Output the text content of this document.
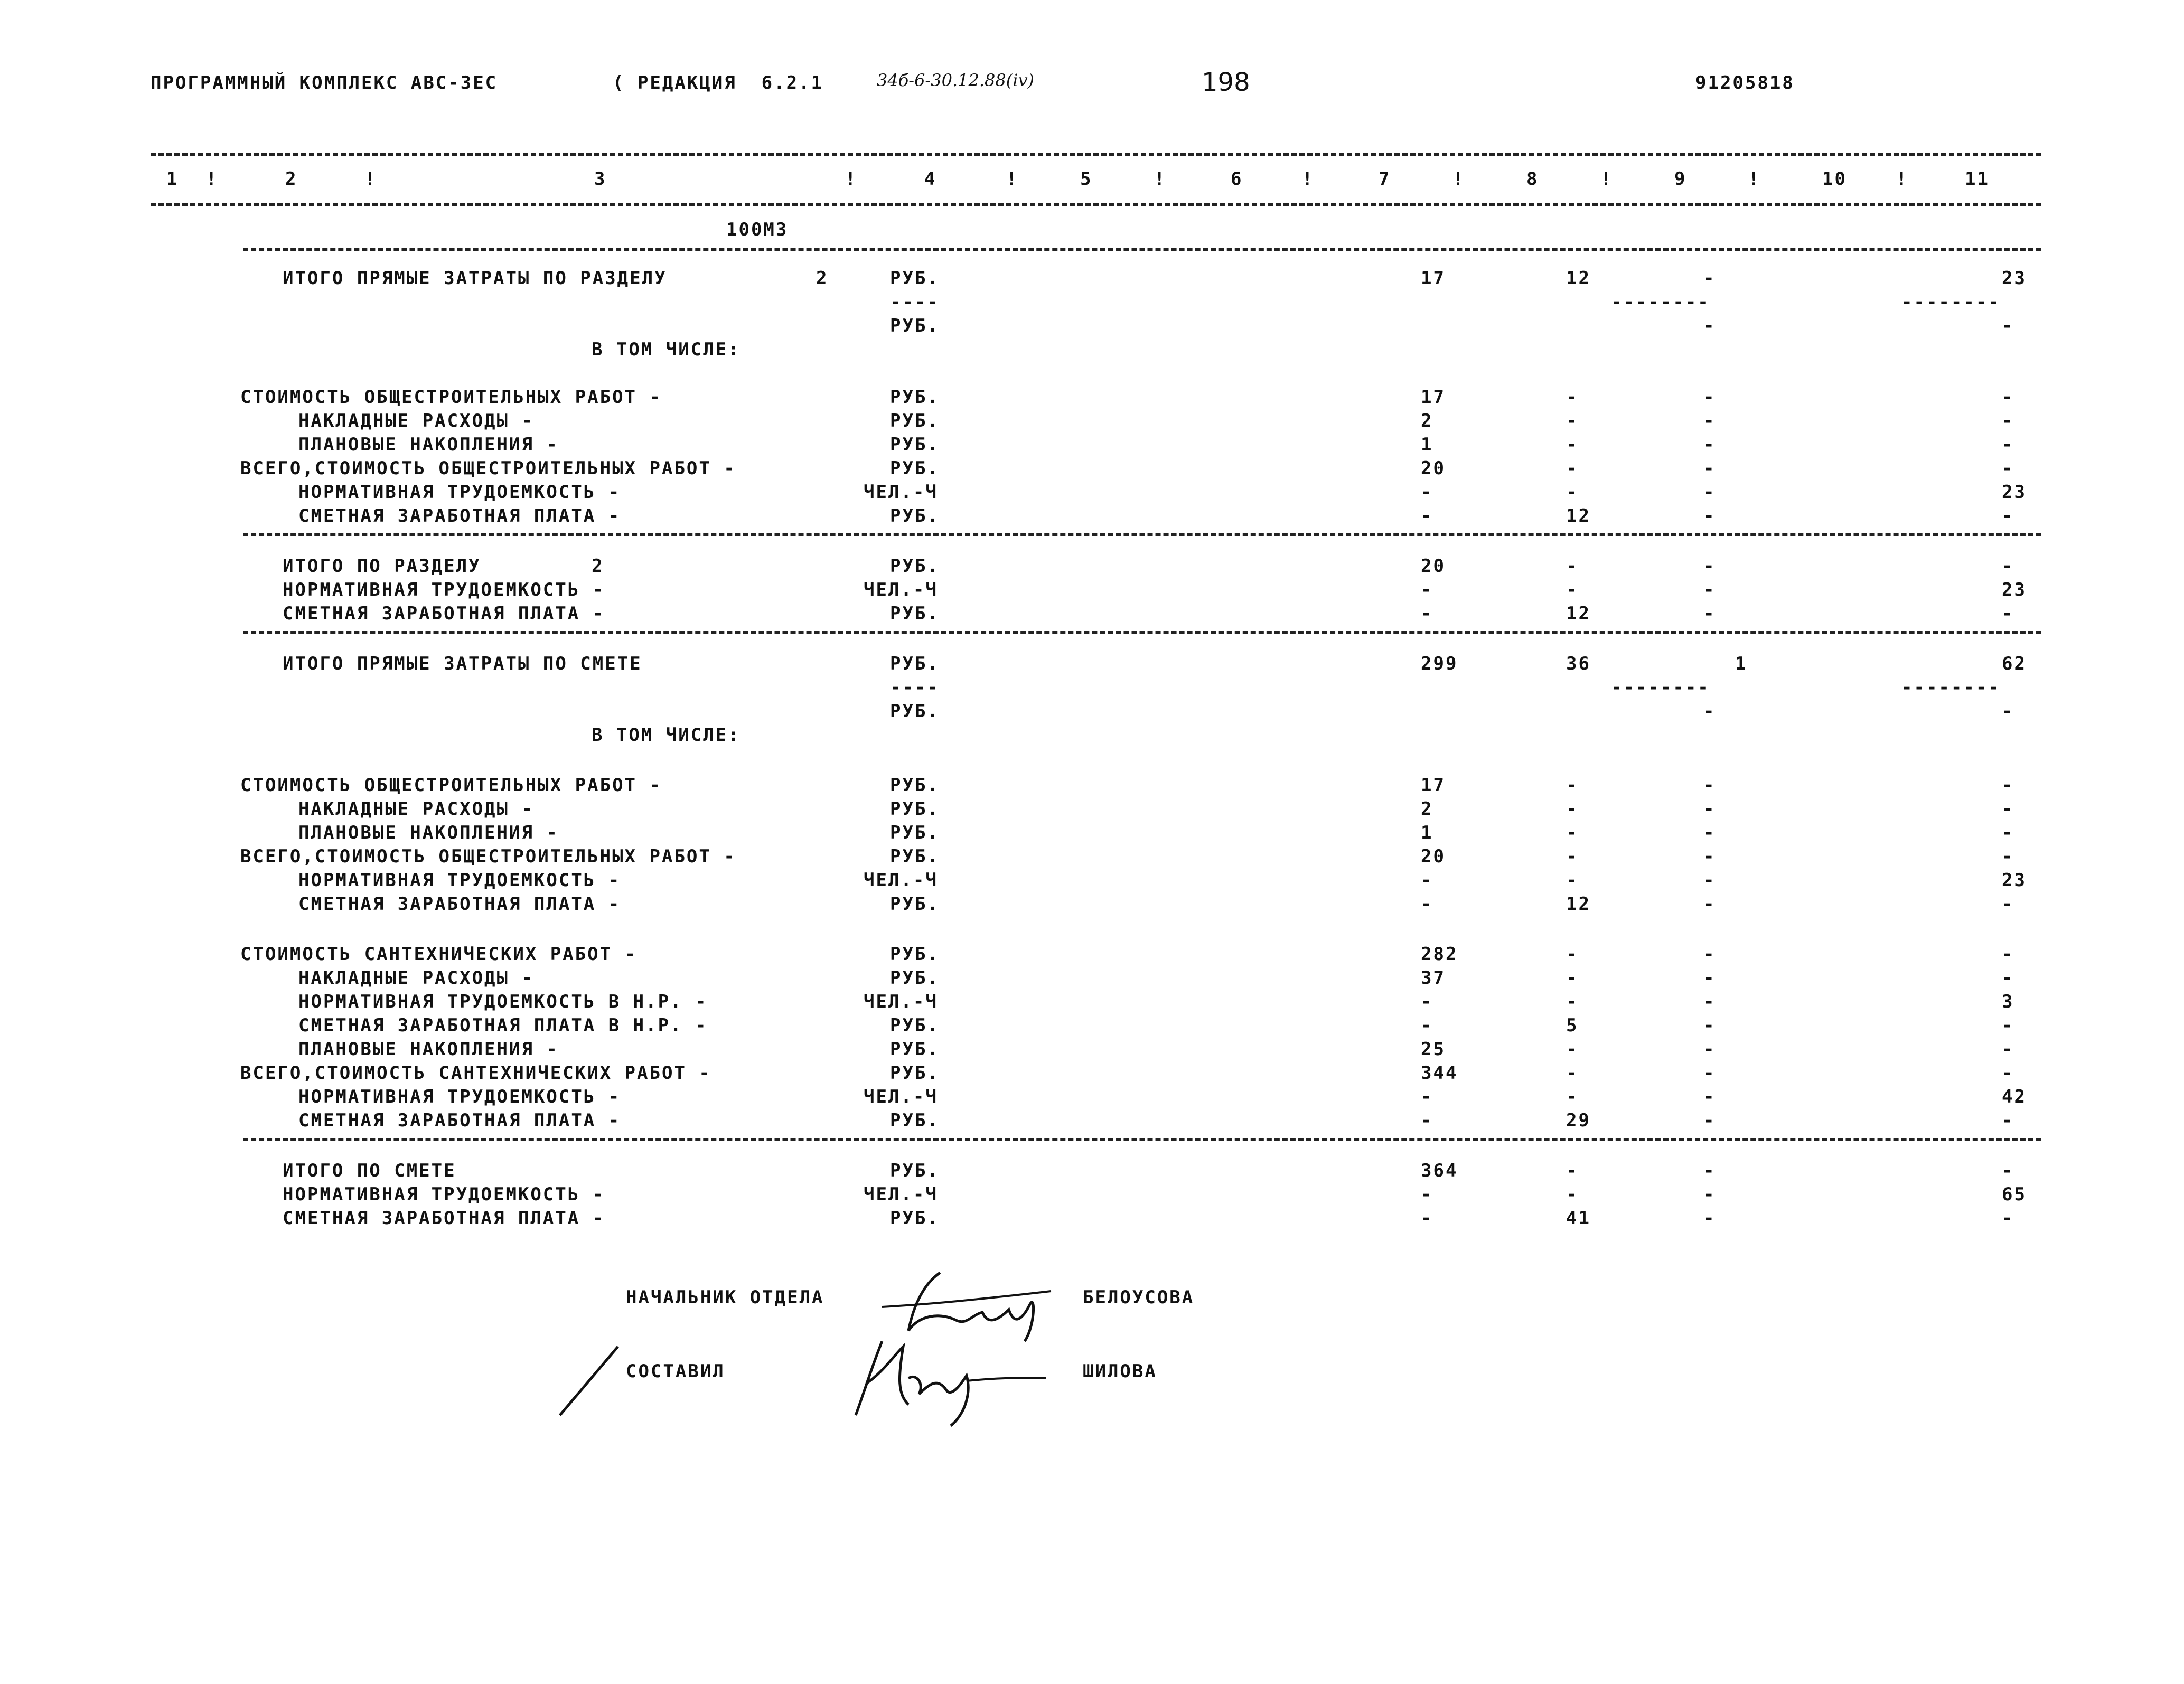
ПРОГРАММНЫЙ КОМПЛЕКС АВС-3ЕС	( РЕДАКЦИЯ  6.2.1	34б-6-30.12.88(iv)	198	91205818
1	2	3	4	5	6	7	8	9	10	11
!	!	!	!	!	!	!	!	!	!
100М3
ИТОГО ПРЯМЫЕ ЗАТРАТЫ ПО РАЗДЕЛУ	2	РУБ.	17	12	-	23
----	--------	--------
РУБ.	-	-
В ТОМ ЧИСЛЕ:
СТОИМОСТЬ ОБЩЕСТРОИТЕЛЬНЫХ РАБОТ -	РУБ.	17	-	-	-
НАКЛАДНЫЕ РАСХОДЫ -	РУБ.	2	-	-	-
ПЛАНОВЫЕ НАКОПЛЕНИЯ -	РУБ.	1	-	-	-
ВСЕГО,СТОИМОСТЬ ОБЩЕСТРОИТЕЛЬНЫХ РАБОТ -	РУБ.	20	-	-	-
НОРМАТИВНАЯ ТРУДОЕМКОСТЬ -	ЧЕЛ.-Ч	-	-	-	23
СМЕТНАЯ ЗАРАБОТНАЯ ПЛАТА -	РУБ.	-	12	-	-
ИТОГО ПО РАЗДЕЛУ	2	РУБ.	20	-	-	-
НОРМАТИВНАЯ ТРУДОЕМКОСТЬ -	ЧЕЛ.-Ч	-	-	-	23
СМЕТНАЯ ЗАРАБОТНАЯ ПЛАТА -	РУБ.	-	12	-	-
ИТОГО ПРЯМЫЕ ЗАТРАТЫ ПО СМЕТЕ	РУБ.	299	36	1	62
----	--------	--------
РУБ.	-	-
В ТОМ ЧИСЛЕ:
СТОИМОСТЬ ОБЩЕСТРОИТЕЛЬНЫХ РАБОТ -	РУБ.	17	-	-	-
НАКЛАДНЫЕ РАСХОДЫ -	РУБ.	2	-	-	-
ПЛАНОВЫЕ НАКОПЛЕНИЯ -	РУБ.	1	-	-	-
ВСЕГО,СТОИМОСТЬ ОБЩЕСТРОИТЕЛЬНЫХ РАБОТ -	РУБ.	20	-	-	-
НОРМАТИВНАЯ ТРУДОЕМКОСТЬ -	ЧЕЛ.-Ч	-	-	-	23
СМЕТНАЯ ЗАРАБОТНАЯ ПЛАТА -	РУБ.	-	12	-	-
СТОИМОСТЬ САНТЕХНИЧЕСКИХ РАБОТ -	РУБ.	282	-	-	-
НАКЛАДНЫЕ РАСХОДЫ -	РУБ.	37	-	-	-
НОРМАТИВНАЯ ТРУДОЕМКОСТЬ В Н.Р. -	ЧЕЛ.-Ч	-	-	-	3
СМЕТНАЯ ЗАРАБОТНАЯ ПЛАТА В Н.Р. -	РУБ.	-	5	-	-
ПЛАНОВЫЕ НАКОПЛЕНИЯ -	РУБ.	25	-	-	-
ВСЕГО,СТОИМОСТЬ САНТЕХНИЧЕСКИХ РАБОТ -	РУБ.	344	-	-	-
НОРМАТИВНАЯ ТРУДОЕМКОСТЬ -	ЧЕЛ.-Ч	-	-	-	42
СМЕТНАЯ ЗАРАБОТНАЯ ПЛАТА -	РУБ.	-	29	-	-
ИТОГО ПО СМЕТЕ	РУБ.	364	-	-	-
НОРМАТИВНАЯ ТРУДОЕМКОСТЬ -	ЧЕЛ.-Ч	-	-	-	65
СМЕТНАЯ ЗАРАБОТНАЯ ПЛАТА -	РУБ.	-	41	-	-
НАЧАЛЬНИК ОТДЕЛА	БЕЛОУСОВА
СОСТАВИЛ	ШИЛОВА
